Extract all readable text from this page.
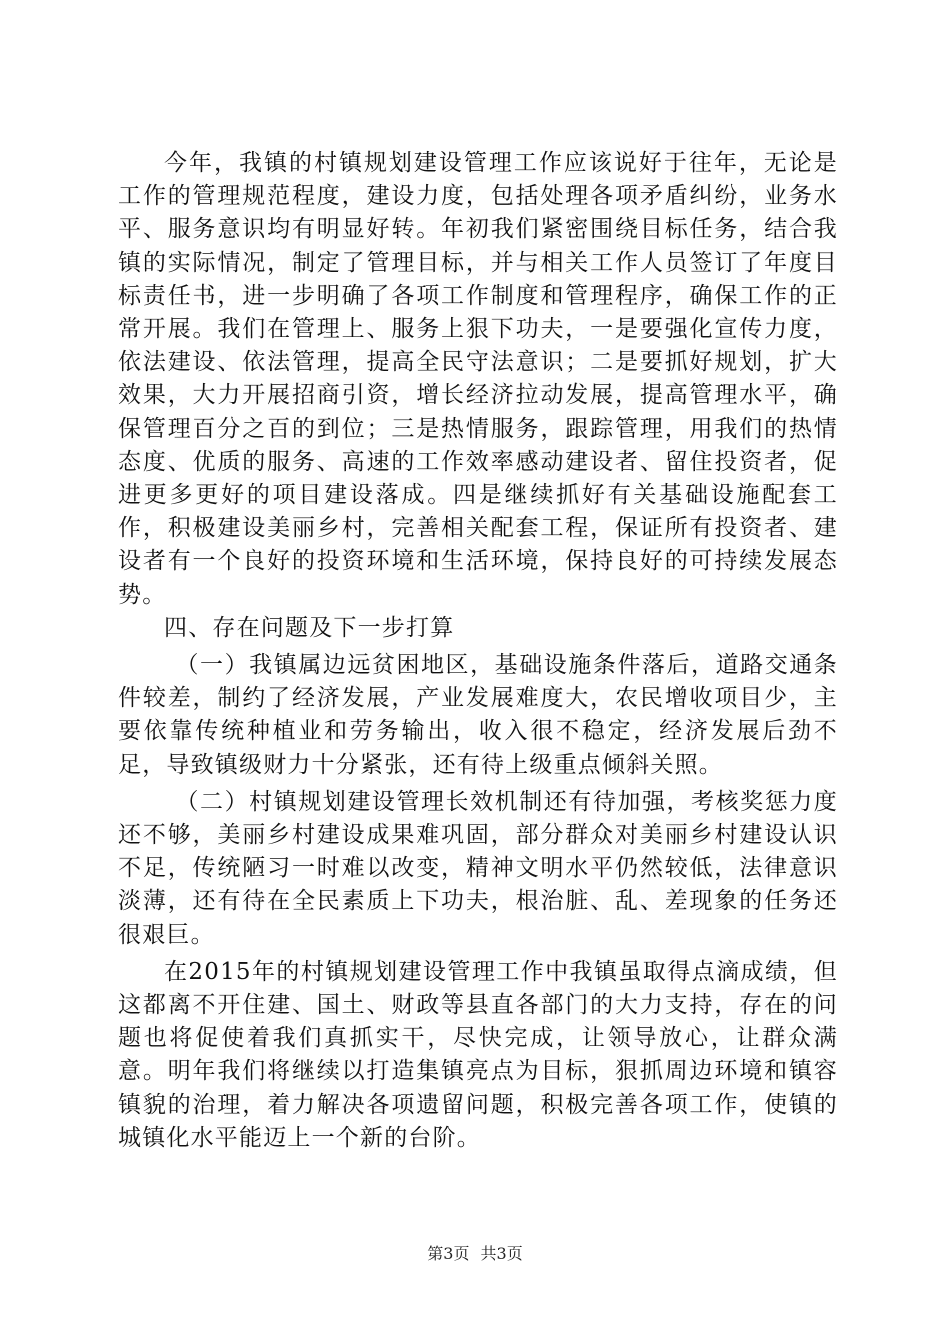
今年，我镇的村镇规划建设管理工作应该说好于往年，无论是工作的管理规范程度，建设力度，包括处理各项矛盾纠纷，业务水平、服务意识均有明显好转。年初我们紧密围绕目标任务，结合我镇的实际情况，制定了管理目标，并与相关工作人员签订了年度目标责任书，进一步明确了各项工作制度和管理程序，确保工作的正常开展。我们在管理上、服务上狠下功夫，一是要强化宣传力度，依法建设、依法管理，提高全民守法意识；二是要抓好规划，扩大效果，大力开展招商引资，增长经济拉动发展，提高管理水平，确保管理百分之百的到位；三是热情服务，跟踪管理，用我们的热情态度、优质的服务、高速的工作效率感动建设者、留住投资者，促进更多更好的项目建设落成。四是继续抓好有关基础设施配套工作，积极建设美丽乡村，完善相关配套工程，保证所有投资者、建设者有一个良好的投资环境和生活环境，保持良好的可持续发展态势。

四、存在问题及下一步打算

（一）我镇属边远贫困地区，基础设施条件落后，道路交通条件较差，制约了经济发展，产业发展难度大，农民增收项目少，主要依靠传统种植业和劳务输出，收入很不稳定，经济发展后劲不足，导致镇级财力十分紧张，还有待上级重点倾斜关照。

（二）村镇规划建设管理长效机制还有待加强，考核奖惩力度还不够，美丽乡村建设成果难巩固，部分群众对美丽乡村建设认识不足，传统陋习一时难以改变，精神文明水平仍然较低，法律意识淡薄，还有待在全民素质上下功夫，根治脏、乱、差现象的任务还很艰巨。

在2015年的村镇规划建设管理工作中我镇虽取得点滴成绩，但这都离不开住建、国土、财政等县直各部门的大力支持，存在的问题也将促使着我们真抓实干，尽快完成，让领导放心，让群众满意。明年我们将继续以打造集镇亮点为目标，狠抓周边环境和镇容镇貌的治理，着力解决各项遗留问题，积极完善各项工作，使镇的城镇化水平能迈上一个新的台阶。

第3页 共3页
